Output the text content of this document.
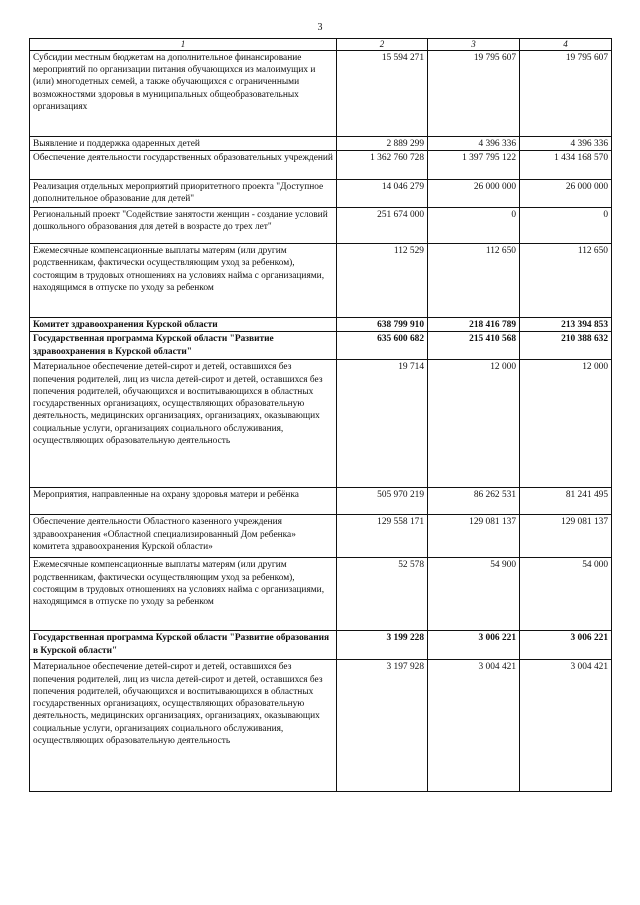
3
1	2	3	4
Субсидии местным бюджетам на дополнительное финансирование мероприятий по организации питания обучающихся из малоимущих и (или) многодетных семей, а также обучающихся с ограниченными возможностями здоровья в муниципальных общеобразовательных организациях	15 594 271	19 795 607	19 795 607
Выявление и поддержка одаренных детей	2 889 299	4 396 336	4 396 336
Обеспечение деятельности государственных образовательных учреждений	1 362 760 728	1 397 795 122	1 434 168 570
Реализация отдельных мероприятий приоритетного проекта "Доступное дополнительное образование для детей"	14 046 279	26 000 000	26 000 000
Региональный проект "Содействие занятости женщин - создание условий дошкольного образования для детей в возрасте до трех лет"	251 674 000	0	0
Ежемесячные компенсационные выплаты матерям (или другим родственникам, фактически осуществляющим уход за ребенком), состоящим в трудовых отношениях на условиях найма с организациями, находящимся в отпуске по уходу за ребенком	112 529	112 650	112 650
Комитет здравоохранения Курской области	638 799 910	218 416 789	213 394 853
Государственная программа Курской области "Развитие здравоохранения в Курской области"	635 600 682	215 410 568	210 388 632
Материальное обеспечение детей-сирот и детей, оставшихся без попечения родителей, лиц из числа детей-сирот и детей, оставшихся без попечения родителей, обучающихся и воспитывающихся в областных государственных организациях, осуществляющих образовательную деятельность, медицинских организациях, организациях, оказывающих социальные услуги, организациях социального обслуживания, осуществляющих образовательную деятельность	19 714	12 000	12 000
Мероприятия, направленные на охрану здоровья матери и ребёнка	505 970 219	86 262 531	81 241 495
Обеспечение деятельности Областного казенного учреждения здравоохранения «Областной специализированный Дом ребенка» комитета здравоохранения Курской области»	129 558 171	129 081 137	129 081 137
Ежемесячные компенсационные выплаты матерям (или другим родственникам, фактически осуществляющим уход за ребенком), состоящим в трудовых отношениях на условиях найма с организациями, находящимся в отпуске по уходу за ребенком	52 578	54 900	54 000
Государственная программа Курской области "Развитие образования в Курской области"	3 199 228	3 006 221	3 006 221
Материальное обеспечение детей-сирот и детей, оставшихся без попечения родителей, лиц из числа детей-сирот и детей, оставшихся без попечения родителей, обучающихся и воспитывающихся в областных государственных организациях, осуществляющих образовательную деятельность, медицинских организациях, организациях, оказывающих социальные услуги, организациях социального обслуживания, осуществляющих образовательную деятельность	3 197 928	3 004 421	3 004 421
